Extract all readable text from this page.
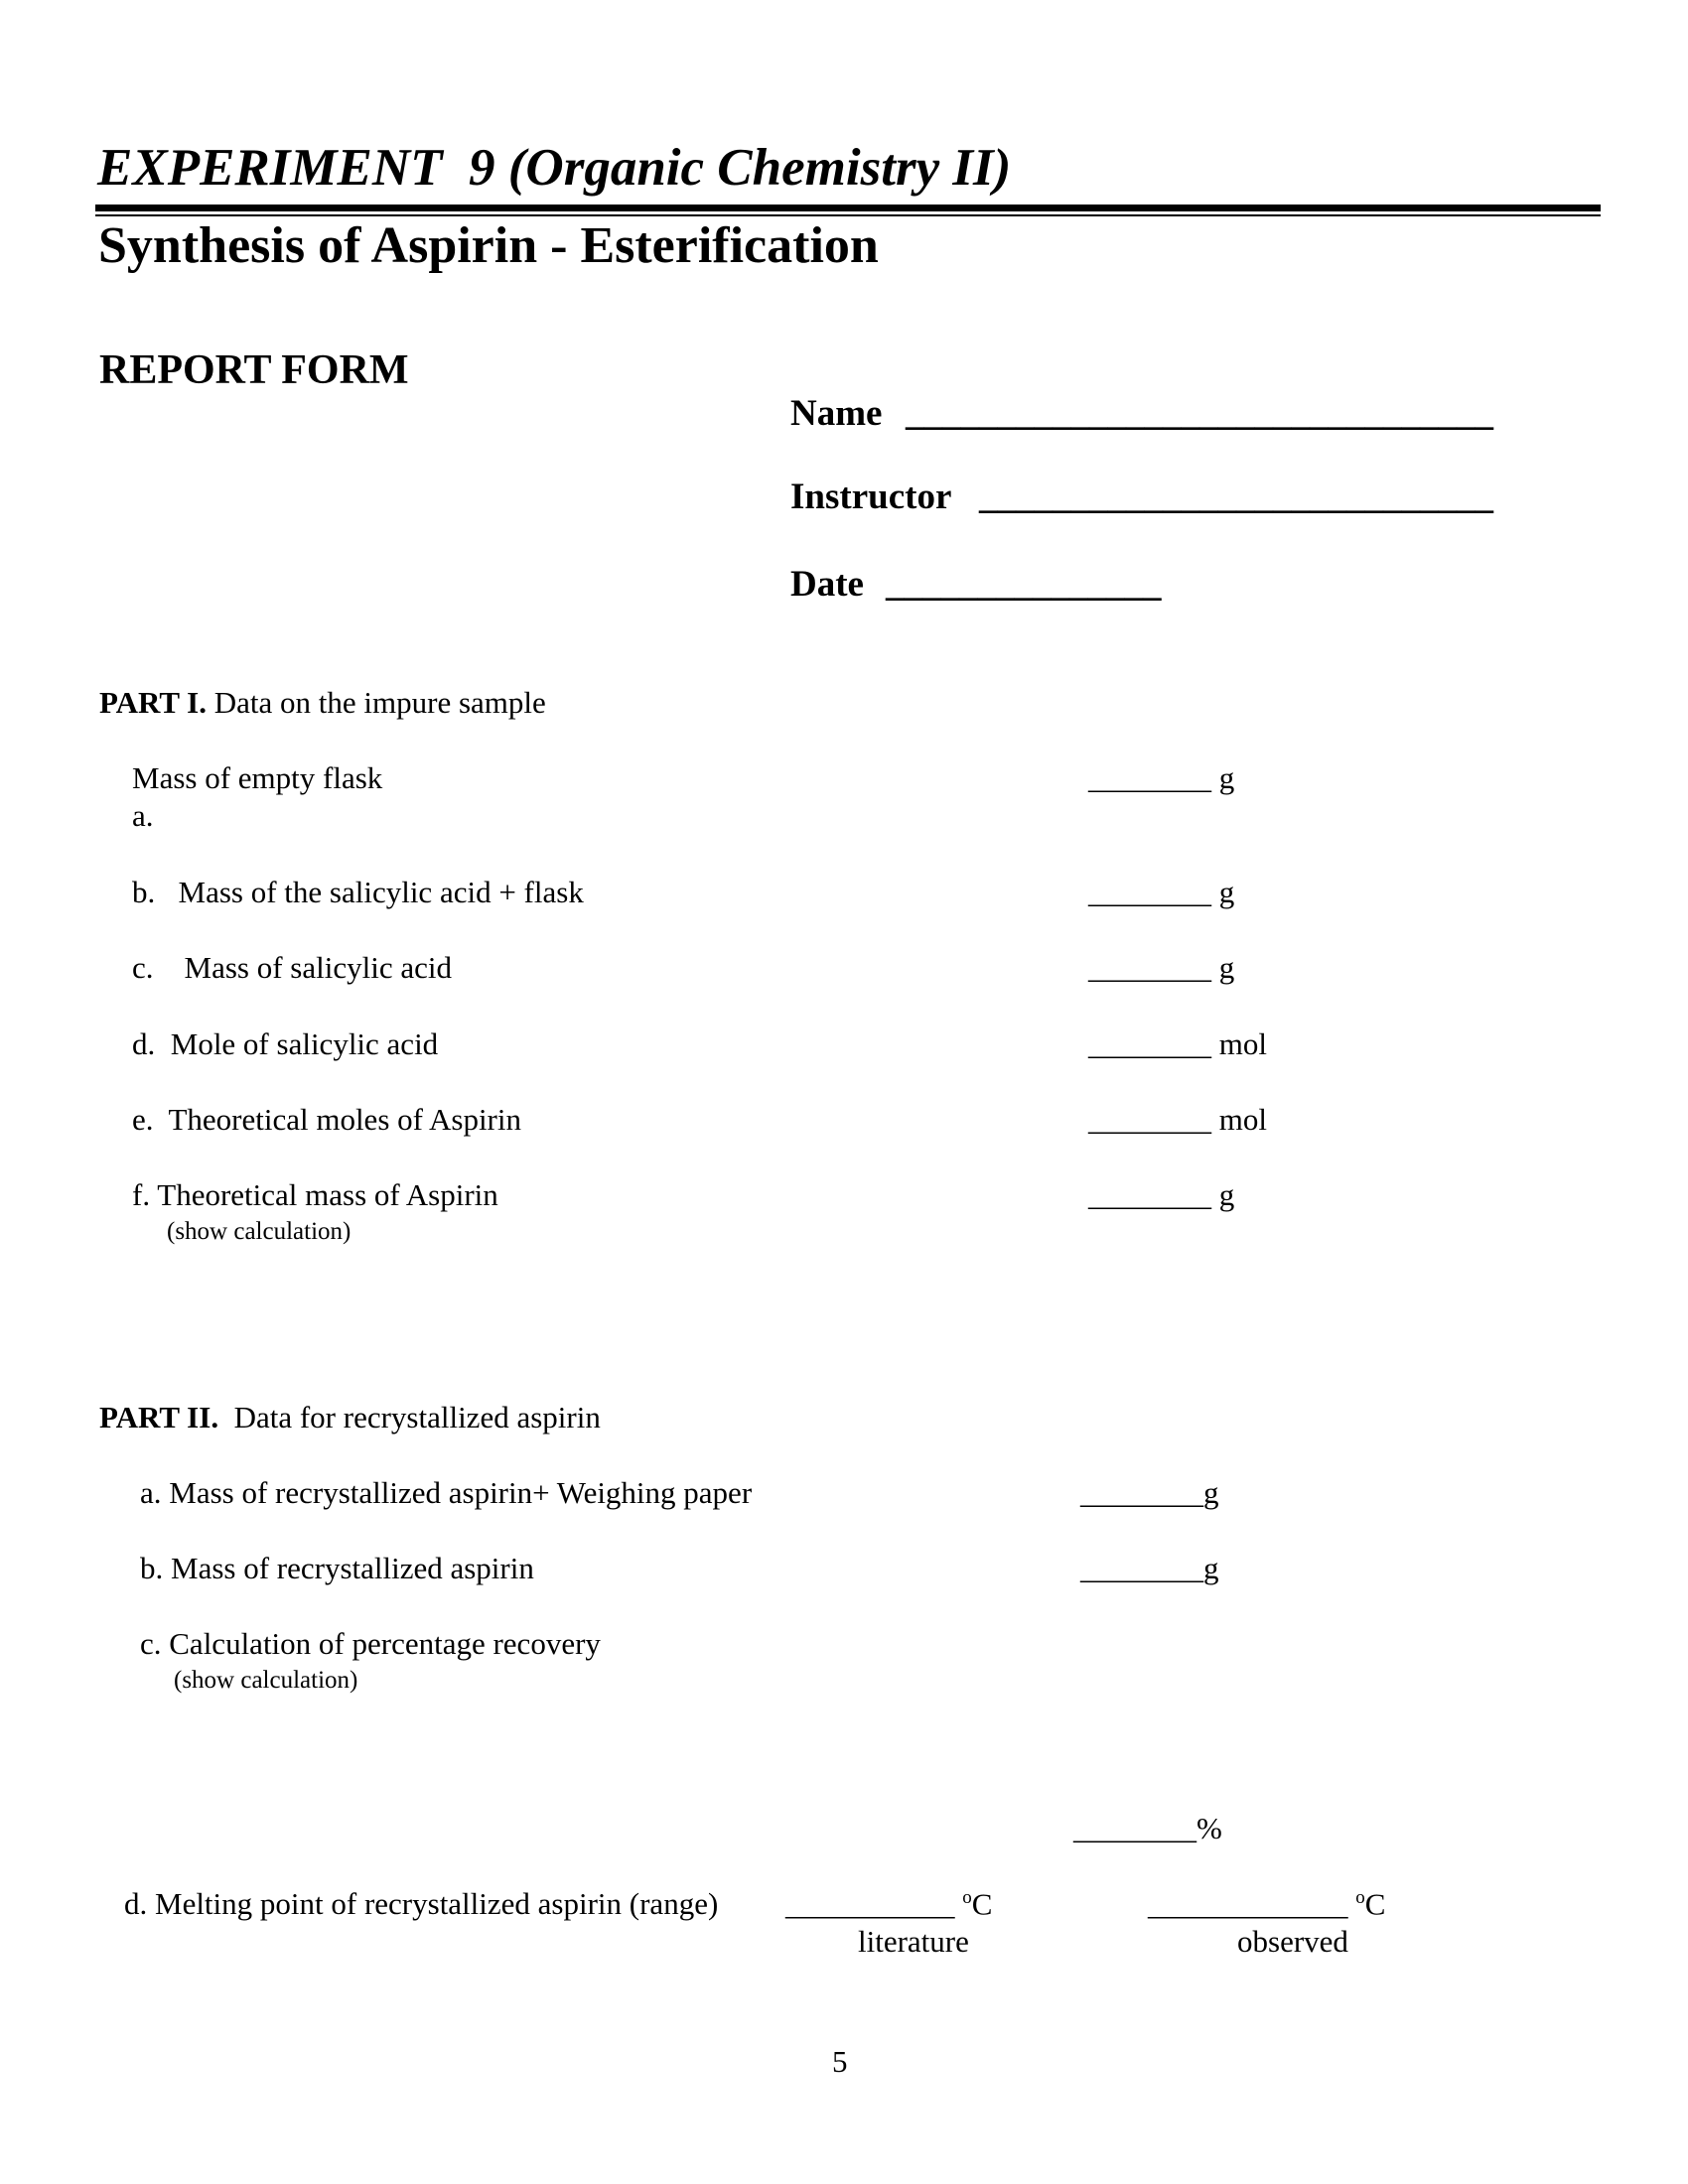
EXPERIMENT  9 (Organic Chemistry II)
Synthesis of Aspirin - Esterification
REPORT FORM
Name ________________________________
Instructor ____________________________
Date _______________
PART I. Data on the impure sample
Mass of empty flask
a.
________ g
b.   Mass of the salicylic acid + flask	________ g
c.    Mass of salicylic acid	________ g
d.  Mole of salicylic acid	________ mol
e.  Theoretical moles of Aspirin	________ mol
f. Theoretical mass of Aspirin
(show calculation)
________ g
PART II.  Data for recrystallized aspirin
a. Mass of recrystallized aspirin+ Weighing paper	________g
b. Mass of recrystallized aspirin	________g
c. Calculation of percentage recovery
(show calculation)
________%
d. Melting point of recrystallized aspirin (range) ___________ $^o$C	_____________ $^o$C
literature	observed
5
